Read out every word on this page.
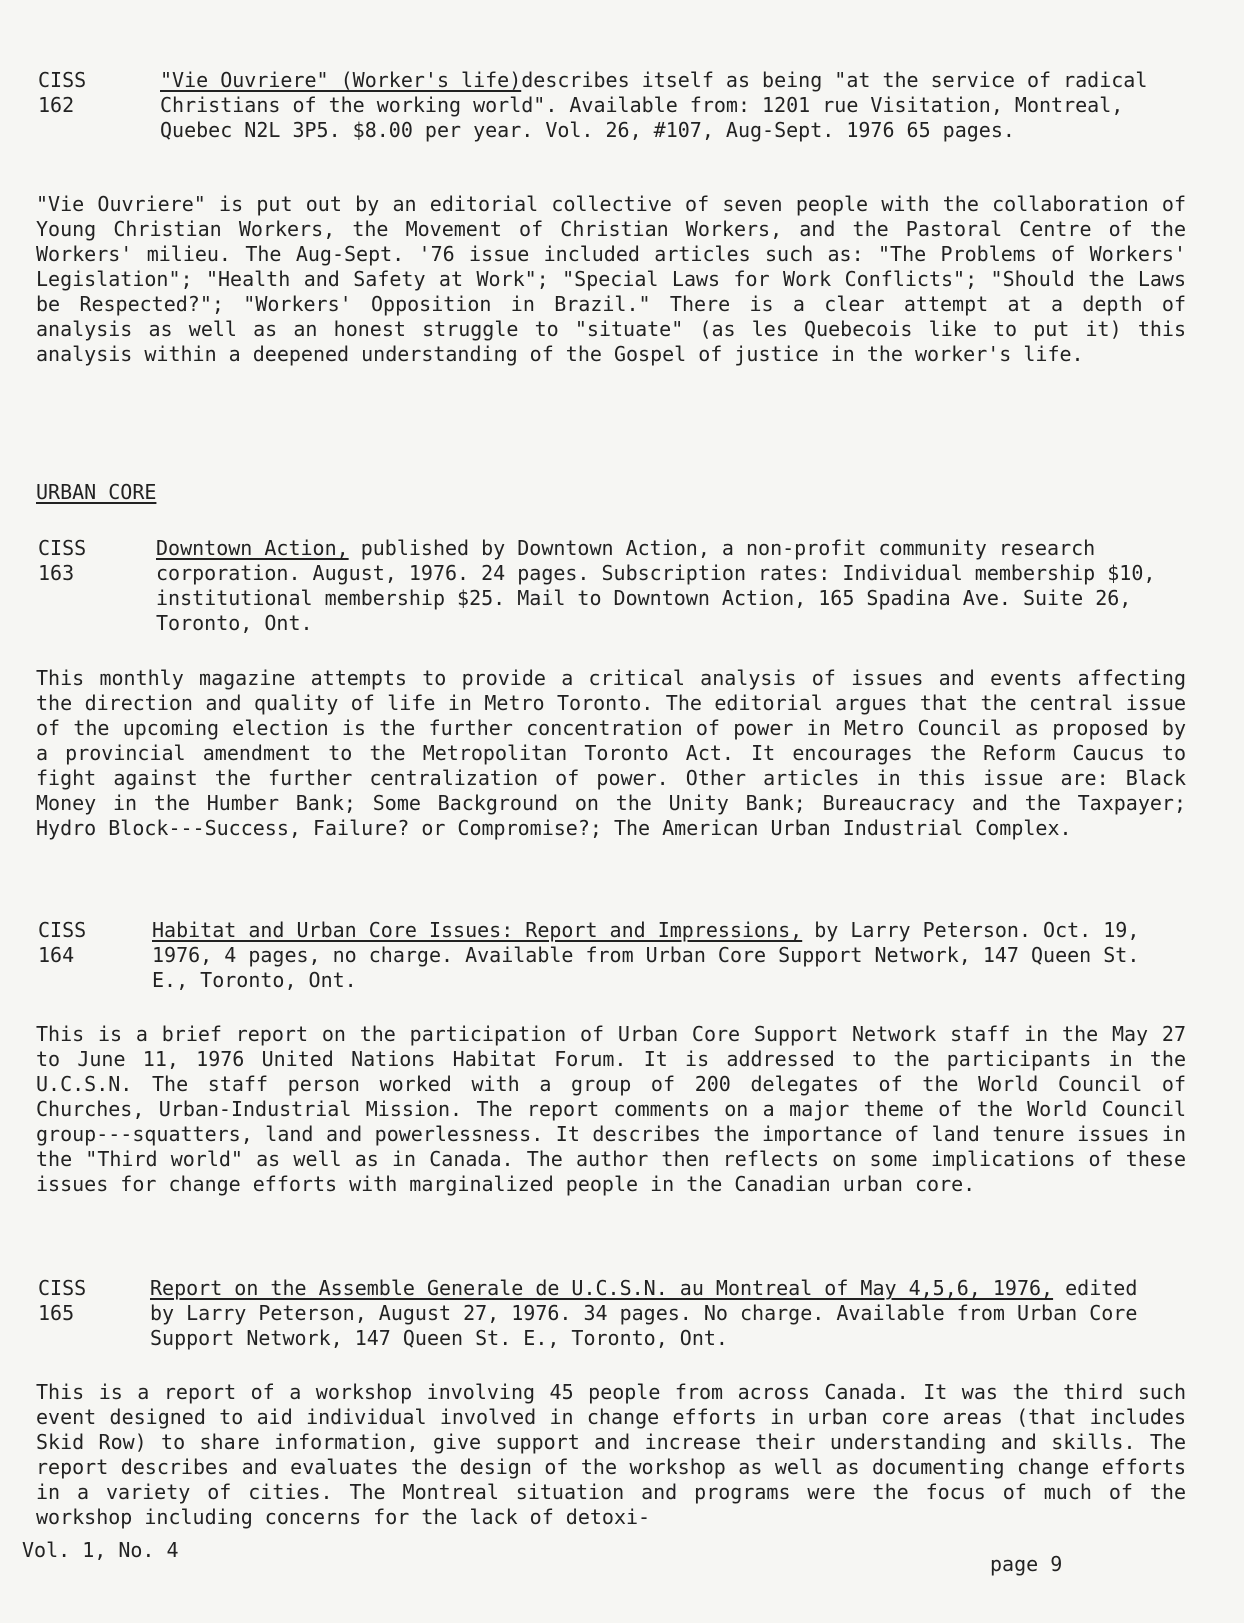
CISS
162
"Vie Ouvriere" (Worker's life)describes itself as being "at the service of radical Christians of the working world". Available from: 1201 rue Visitation, Montreal, Quebec N2L 3P5. $8.00 per year. Vol. 26, #107, Aug-Sept. 1976 65 pages.
"Vie Ouvriere" is put out by an editorial collective of seven people with the collaboration of Young Christian Workers, the Movement of Christian Workers, and the Pastoral Centre of the Workers' milieu. The Aug-Sept. '76 issue included articles such as: "The Problems of Workers' Legislation"; "Health and Safety at Work"; "Special Laws for Work Conflicts"; "Should the Laws be Respected?"; "Workers' Opposition in Brazil." There is a clear attempt at a depth of analysis as well as an honest struggle to "situate" (as les Quebecois like to put it) this analysis within a deepened understanding of the Gospel of justice in the worker's life.
URBAN CORE
CISS
163
Downtown Action, published by Downtown Action, a non-profit community research corporation. August, 1976. 24 pages. Subscription rates: Individual membership $10, institutional membership $25. Mail to Downtown Action, 165 Spadina Ave. Suite 26, Toronto, Ont.
This monthly magazine attempts to provide a critical analysis of issues and events affecting the direction and quality of life in Metro Toronto. The editorial argues that the central issue of the upcoming election is the further concentration of power in Metro Council as proposed by a provincial amendment to the Metropolitan Toronto Act. It encourages the Reform Caucus to fight against the further centralization of power. Other articles in this issue are: Black Money in the Humber Bank; Some Background on the Unity Bank; Bureaucracy and the Taxpayer; Hydro Block---Success, Failure? or Compromise?; The American Urban Industrial Complex.
CISS
164
Habitat and Urban Core Issues: Report and Impressions, by Larry Peterson. Oct. 19, 1976, 4 pages, no charge. Available from Urban Core Support Network, 147 Queen St. E., Toronto, Ont.
This is a brief report on the participation of Urban Core Support Network staff in the May 27 to June 11, 1976 United Nations Habitat Forum. It is addressed to the participants in the U.C.S.N. The staff person worked with a group of 200 delegates of the World Council of Churches, Urban-Industrial Mission. The report comments on a major theme of the World Council group---squatters, land and powerlessness. It describes the importance of land tenure issues in the "Third world" as well as in Canada. The author then reflects on some implications of these issues for change efforts with marginalized people in the Canadian urban core.
CISS
165
Report on the Assemble Generale de U.C.S.N. au Montreal of May 4,5,6, 1976, edited by Larry Peterson, August 27, 1976. 34 pages. No charge. Available from Urban Core Support Network, 147 Queen St. E., Toronto, Ont.
This is a report of a workshop involving 45 people from across Canada. It was the third such event designed to aid individual involved in change efforts in urban core areas (that includes Skid Row) to share information, give support and increase their understanding and skills. The report describes and evaluates the design of the workshop as well as documenting change efforts in a variety of cities. The Montreal situation and programs were the focus of much of the workshop including concerns for the lack of detoxi-
Vol. 1, No. 4
page 9
